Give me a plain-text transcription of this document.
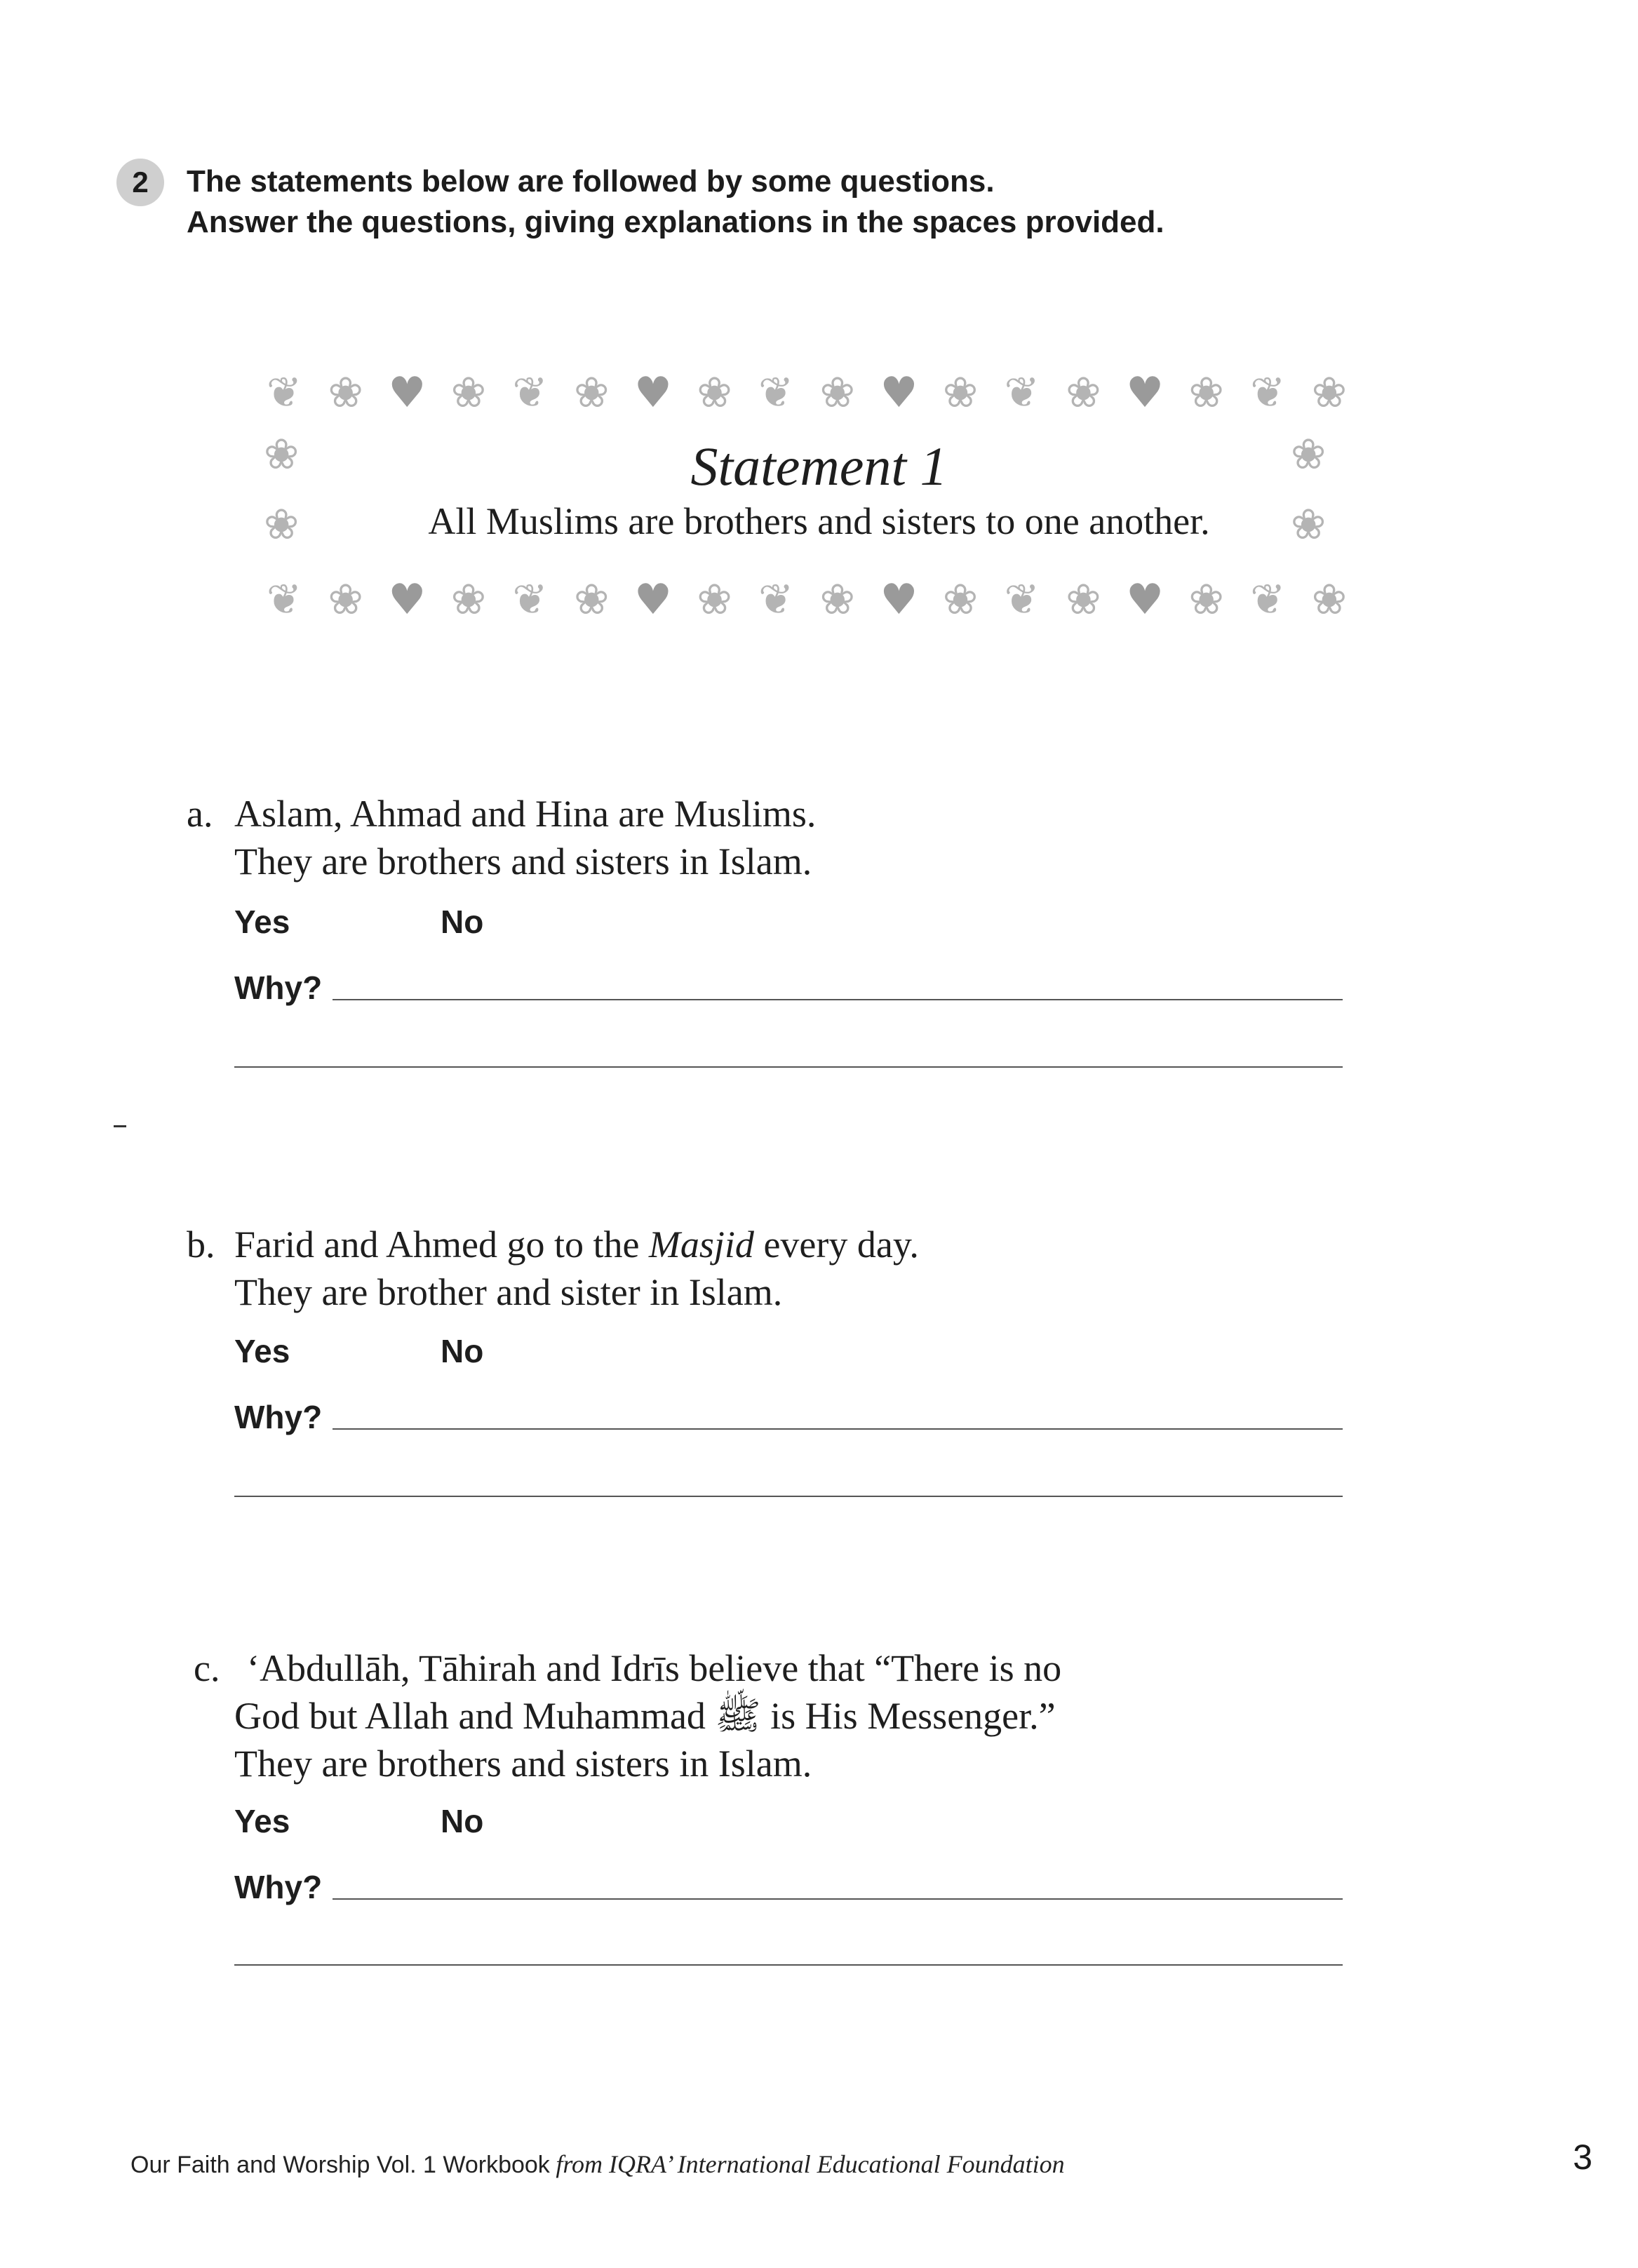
2	The statements below are followed by some questions.
Answer the questions, giving explanations in the spaces provided.
❦ ❀ ♥ ❀ ❦ ❀ ♥ ❀ ❦ ❀ ♥ ❀ ❦ ❀ ♥ ❀ ❦ ❀
❦ ❀ ♥ ❀ ❦ ❀ ♥ ❀ ❦ ❀ ♥ ❀ ❦ ❀ ♥ ❀ ❦ ❀
❀
❀
❀
❀
Statement 1
All Muslims are brothers and sisters to one another.
a. Aslam, Ahmad and Hina are Muslims.
They are brothers and sisters in Islam.
Yes	No
Why?
b. Farid and Ahmed go to the Masjid every day.
They are brother and sister in Islam.
Yes	No
Why?
c. ‘Abdullāh, Tāhirah and Idrīs believe that “There is no
God but Allah and Muhammad ﷺ is His Messenger.”
They are brothers and sisters in Islam.
Yes	No
Why?
Our Faith and Worship Vol. 1 Workbook from IQRA’ International Educational Foundation	3
